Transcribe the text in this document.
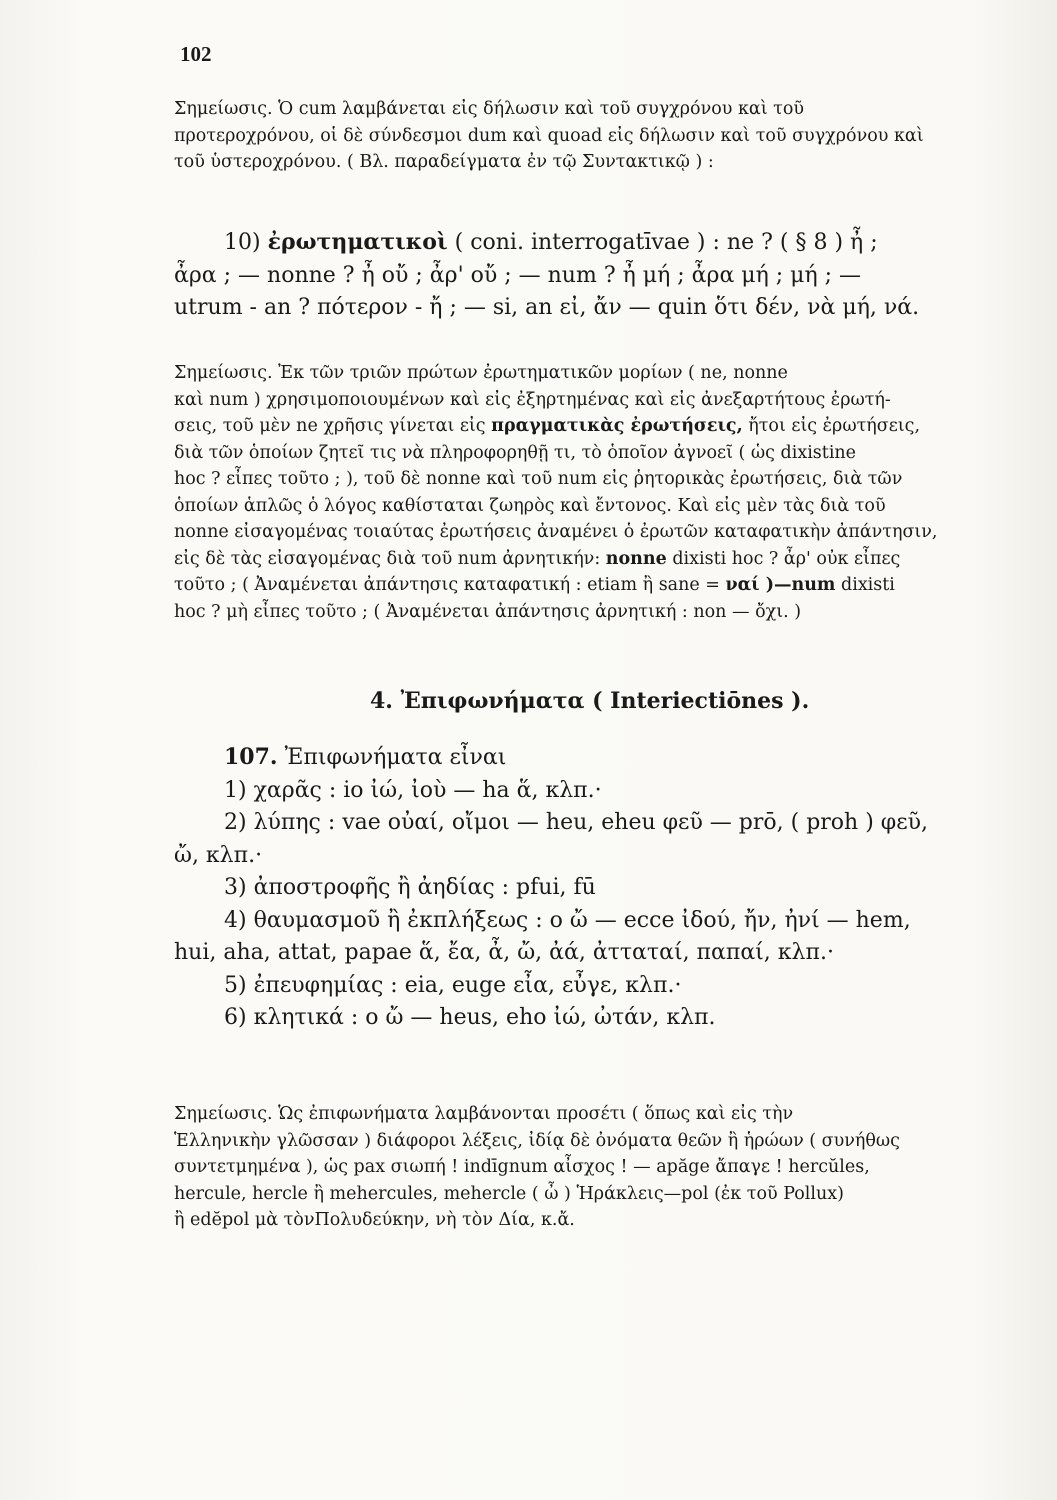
102
Σημείωσις. Ὁ cum λαμβάνεται εἰς δήλωσιν καὶ τοῦ συγχρόνου καὶ τοῦ
προτεροχρόνου, οἱ δὲ σύνδεσμοι dum καὶ quoad εἰς δήλωσιν καὶ τοῦ συγχρόνου καὶ
τοῦ ὑστεροχρόνου. ( Βλ. παραδείγματα ἐν τῷ Συντακτικῷ ) :
10) ἐρωτηματικοὶ ( coni. interrogatīvae ) : ne ? ( § 8 ) ἦ ;
ἆρα ; — nonne ? ἦ οὔ ; ἆρ' οὔ ; — num ? ἦ μή ; ἆρα μή ; μή ; —
utrum - an ? πότερον - ἤ ; — si, an εἰ, ἄν — quin ὅτι δέν, νὰ μή, νά.
Σημείωσις. Ἐκ τῶν τριῶν πρώτων ἐρωτηματικῶν μορίων ( ne, nonne
καὶ num ) χρησιμοποιουμένων καὶ εἰς ἐξηρτημένας καὶ εἰς ἀνεξαρτήτους ἐρωτή-
σεις, τοῦ μὲν ne χρῆσις γίνεται εἰς πραγματικὰς ἐρωτήσεις, ἤτοι εἰς ἐρωτήσεις,
διὰ τῶν ὁποίων ζητεῖ τις νὰ πληροφορηθῇ τι, τὸ ὁποῖον ἀγνοεῖ ( ὡς dixistine
hoc ? εἶπες τοῦτο ; ), τοῦ δὲ nonne καὶ τοῦ num εἰς ῥητορικὰς ἐρωτήσεις, διὰ τῶν
ὁποίων ἁπλῶς ὁ λόγος καθίσταται ζωηρὸς καὶ ἔντονος. Καὶ εἰς μὲν τὰς διὰ τοῦ
nonne εἰσαγομένας τοιαύτας ἐρωτήσεις ἀναμένει ὁ ἐρωτῶν καταφατικὴν ἀπάντησιν,
εἰς δὲ τὰς εἰσαγομένας διὰ τοῦ num ἀρνητικήν: nonne dixisti hoc ? ἆρ' οὐκ εἶπες
τοῦτο ; ( Ἀναμένεται ἀπάντησις καταφατική : etiam ἢ sane = ναί )—num dixisti
hoc ? μὴ εἶπες τοῦτο ; ( Ἀναμένεται ἀπάντησις ἀρνητική : non — ὄχι. )
4. Ἐπιφωνήματα ( Interiectiōnes ).
107. Ἐπιφωνήματα εἶναι
1) χαρᾶς : io ἰώ, ἰοὺ — ha ἅ, κλπ.·
2) λύπης : vae οὐαί, οἴμοι — heu, eheu φεῦ — prō, ( proh ) φεῦ,
ὤ, κλπ.·
3) ἀποστροφῆς ἢ ἀηδίας : pfui, fū
4) θαυμασμοῦ ἢ ἐκπλήξεως : o ὤ — ecce ἰδού, ἤν, ἠνί — hem,
hui, aha, attat, papae ἅ, ἔα, ἆ, ὤ, ἀά, ἀτταταί, παπαί, κλπ.·
5) ἐπευφημίας : eia, euge εἶα, εὖγε, κλπ.·
6) κλητικά : o ὤ — heus, eho ἰώ, ὠτάν, κλπ.
Σημείωσις. Ὡς ἐπιφωνήματα λαμβάνονται προσέτι ( ὅπως καὶ εἰς τὴν
Ἑλληνικὴν γλῶσσαν ) διάφοροι λέξεις, ἰδίᾳ δὲ ὀνόματα θεῶν ἢ ἡρώων ( συνήθως
συντετμημένα ), ὡς pax σιωπή ! indīgnum αἶσχος ! — apăge ἄπαγε ! hercŭles,
hercule, hercle ἢ mehercules, mehercle ( ὦ ) Ἡράκλεις—pol (ἐκ τοῦ Pollux)
ἢ edĕpol μὰ τὸνΠολυδεύκην, νὴ τὸν Δία, κ.ἄ.
